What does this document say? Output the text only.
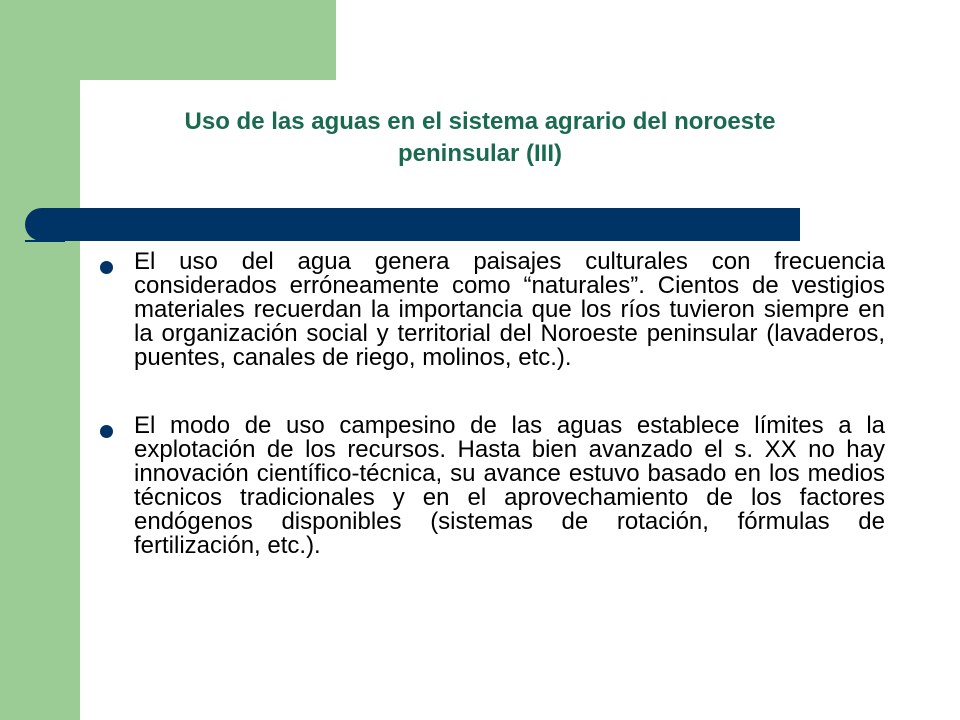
Uso de las aguas en el sistema agrario del noroeste
peninsular (III)
El uso del agua genera paisajes culturales con frecuencia considerados erróneamente como “naturales”. Cientos de vestigios materiales recuerdan la importancia que los ríos tuvieron siempre en la organización social y territorial del Noroeste peninsular (lavaderos, puentes, canales de riego, molinos, etc.).
El modo de uso campesino de las aguas establece límites a la explotación de los recursos. Hasta bien avanzado el s. XX no hay innovación científico-técnica, su avance estuvo basado en los medios técnicos tradicionales y en el aprovechamiento de los factores endógenos disponibles (sistemas de rotación, fórmulas de fertilización, etc.).
